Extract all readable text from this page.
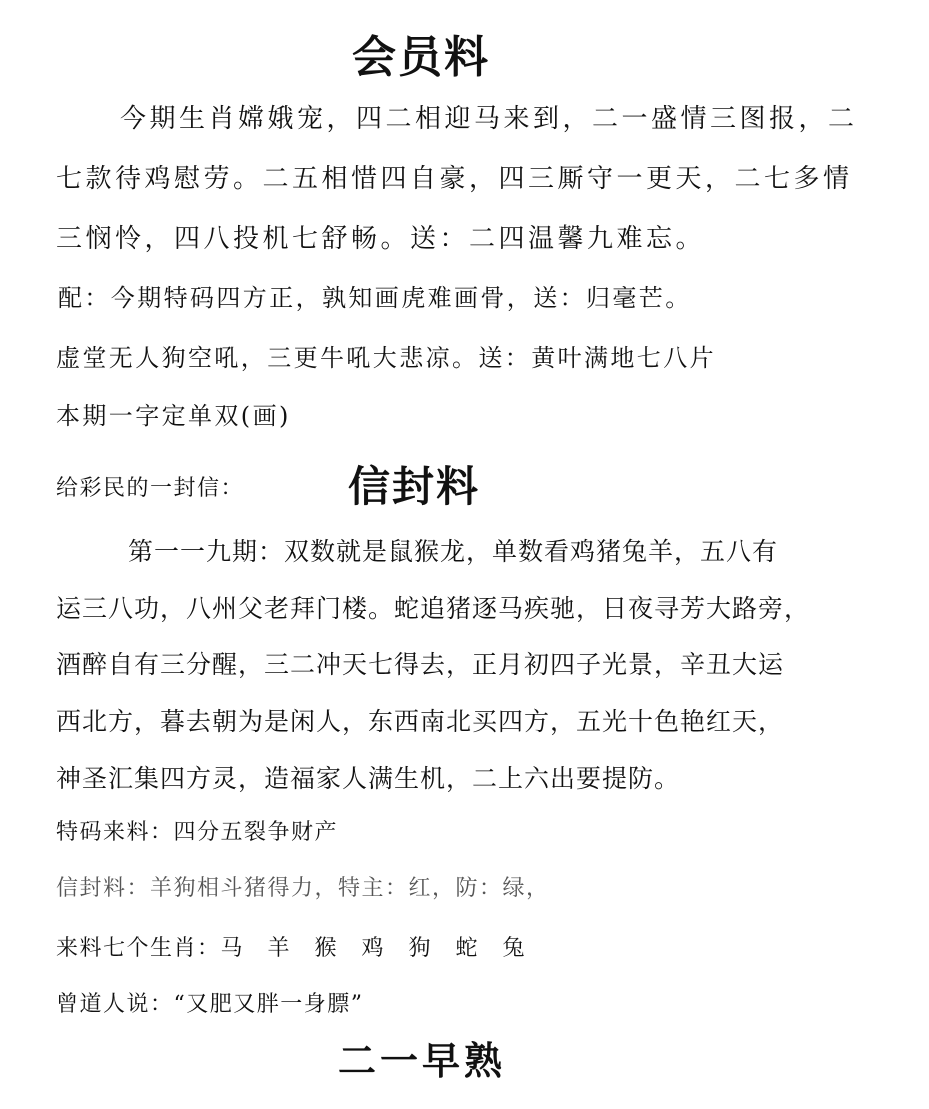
会员料
今期生肖嫦娥宠，四二相迎马来到，二一盛情三图报，二
七款待鸡慰劳。二五相惜四自豪，四三厮守一更天，二七多情
三悯怜，四八投机七舒畅。送：二四温馨九难忘。
配：今期特码四方正，孰知画虎难画骨，送：归毫芒。
虚堂无人狗空吼，三更牛吼大悲凉。送：黄叶满地七八片
本期一字定单双(画)
给彩民的一封信： 信封料
第一一九期：双数就是鼠猴龙，单数看鸡猪兔羊，五八有
运三八功，八州父老拜门楼。蛇追猪逐马疾驰，日夜寻芳大路旁，
酒醉自有三分醒，三二冲天七得去，正月初四子光景，辛丑大运
西北方，暮去朝为是闲人，东西南北买四方，五光十色艳红天，
神圣汇集四方灵，造福家人满生机，二上六出要提防。
特码来料：四分五裂争财产
信封料：羊狗相斗猪得力，特主：红，防：绿，
来料七个生肖：马 羊 猴 鸡 狗 蛇 兔
曾道人说：“又肥又胖一身膘”
二一早熟
